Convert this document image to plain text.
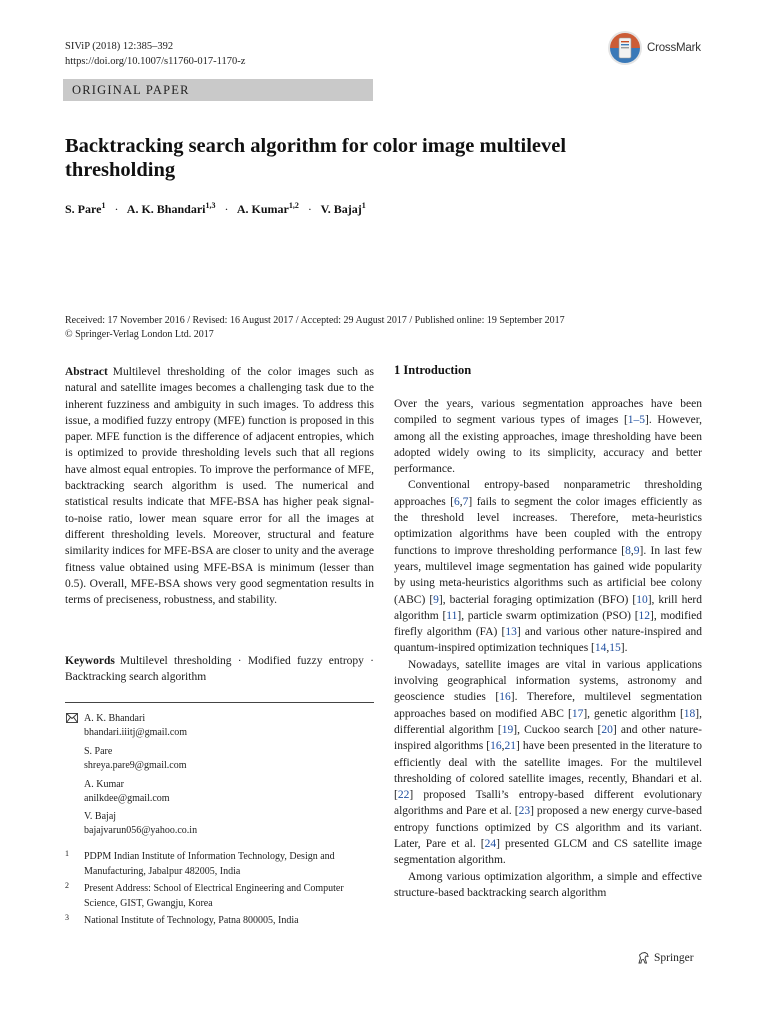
SIViP (2018) 12:385–392
https://doi.org/10.1007/s11760-017-1170-z
CrossMark
ORIGINAL PAPER
Backtracking search algorithm for color image multilevel thresholding
S. Pare$^1$ · A. K. Bhandari$^{1,3}$ · A. Kumar$^{1,2}$ · V. Bajaj$^1$
Received: 17 November 2016 / Revised: 16 August 2017 / Accepted: 29 August 2017 / Published online: 19 September 2017
© Springer-Verlag London Ltd. 2017

Abstract Multilevel thresholding of the color images such as natural and satellite images becomes a challenging task due to the inherent fuzziness and ambiguity in such images. To address this issue, a modified fuzzy entropy (MFE) function is proposed in this paper. MFE function is the difference of adjacent entropies, which is optimized to provide thresholding levels such that all regions have almost equal entropies. To improve the performance of MFE, backtracking search algorithm is used. The numerical and statistical results indicate that MFE-BSA has higher peak signal-to-noise ratio, lower mean square error for all the images at different thresholding levels. Moreover, structural and feature similarity indices for MFE-BSA are closer to unity and the average fitness value obtained using MFE-BSA is minimum (lesser than 0.5). Overall, MFE-BSA shows very good segmentation results in terms of preciseness, robustness, and stability.

Keywords Multilevel thresholding · Modified fuzzy entropy · Backtracking search algorithm

A. K. Bhandari
bhandari.iiitj@gmail.com
S. Pare
shreya.pare9@gmail.com
A. Kumar
anilkdee@gmail.com
V. Bajaj
bajajvarun056@yahoo.co.in
1 PDPM Indian Institute of Information Technology, Design and Manufacturing, Jabalpur 482005, India
2 Present Address: School of Electrical Engineering and Computer Science, GIST, Gwangju, Korea
3 National Institute of Technology, Patna 800005, India
1 Introduction

Over the years, various segmentation approaches have been compiled to segment various types of images [1–5]. However, among all the existing approaches, image thresholding have been adopted widely owing to its simplicity, accuracy and better performance.

Conventional entropy-based nonparametric thresholding approaches [6,7] fails to segment the color images efficiently as the threshold level increases. Therefore, meta-heuristics optimization algorithms have been coupled with the entropy functions to improve thresholding performance [8,9]. In last few years, multilevel image segmentation has gained wide popularity by using meta-heuristics algorithms such as artificial bee colony (ABC) [9], bacterial foraging optimization (BFO) [10], krill herd algorithm [11], particle swarm optimization (PSO) [12], modified firefly algorithm (FA) [13] and various other nature-inspired and quantum-inspired optimization techniques [14,15].

Nowadays, satellite images are vital in various applications involving geographical information systems, astronomy and geoscience studies [16]. Therefore, multilevel segmentation approaches based on modified ABC [17], genetic algorithm [18], differential algorithm [19], Cuckoo search [20] and other nature-inspired algorithms [16,21] have been presented in the literature to efficiently deal with the satellite images. For the multilevel thresholding of colored satellite images, recently, Bhandari et al. [22] proposed Tsalli’s entropy-based different evolutionary algorithms and Pare et al. [23] proposed a new energy curve-based entropy functions optimized by CS algorithm and its variant. Later, Pare et al. [24] presented GLCM and CS satellite image segmentation algorithm.

Among various optimization algorithm, a simple and effective structure-based backtracking search algorithm

Springer
